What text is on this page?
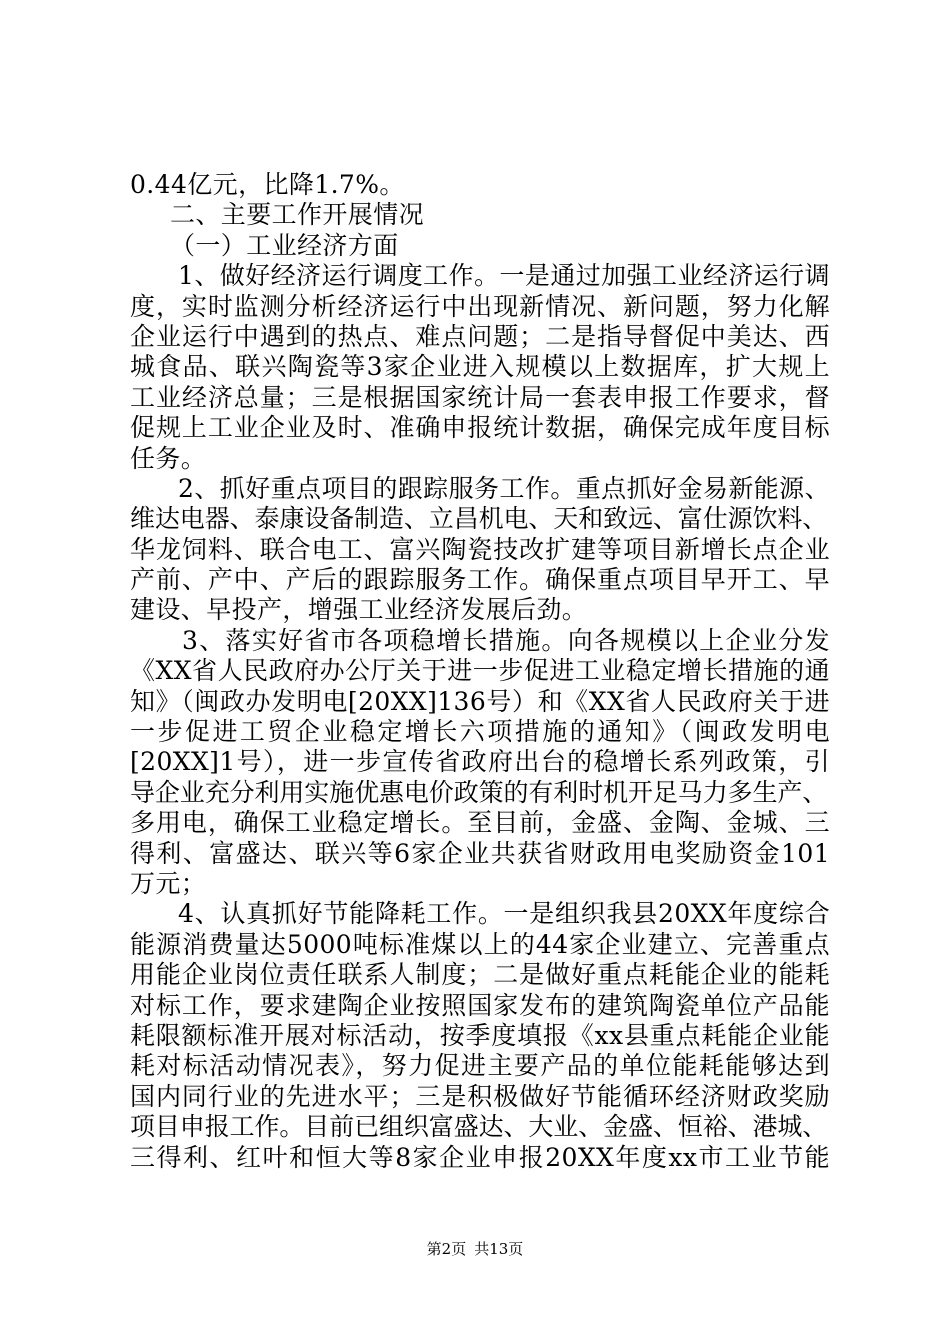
0.44亿元，比降1.7%。
二、主要工作开展情况
（一）工业经济方面
1、做好经济运行调度工作。一是通过加强工业经济运行调
度，实时监测分析经济运行中出现新情况、新问题，努力化解
企业运行中遇到的热点、难点问题；二是指导督促中美达、西
城食品、联兴陶瓷等3家企业进入规模以上数据库，扩大规上
工业经济总量；三是根据国家统计局一套表申报工作要求，督
促规上工业企业及时、准确申报统计数据，确保完成年度目标
任务。
2、抓好重点项目的跟踪服务工作。重点抓好金易新能源、
维达电器、泰康设备制造、立昌机电、天和致远、富仕源饮料、
华龙饲料、联合电工、富兴陶瓷技改扩建等项目新增长点企业
产前、产中、产后的跟踪服务工作。确保重点项目早开工、早
建设、早投产，增强工业经济发展后劲。
3、落实好省市各项稳增长措施。向各规模以上企业分发
《XX省人民政府办公厅关于进一步促进工业稳定增长措施的通
知》（闽政办发明电[20XX]136号）和《XX省人民政府关于进
一步促进工贸企业稳定增长六项措施的通知》（闽政发明电
[20XX]1号），进一步宣传省政府出台的稳增长系列政策，引
导企业充分利用实施优惠电价政策的有利时机开足马力多生产、
多用电，确保工业稳定增长。至目前，金盛、金陶、金城、三
得利、富盛达、联兴等6家企业共获省财政用电奖励资金101
万元；
4、认真抓好节能降耗工作。一是组织我县20XX年度综合
能源消费量达5000吨标准煤以上的44家企业建立、完善重点
用能企业岗位责任联系人制度；二是做好重点耗能企业的能耗
对标工作，要求建陶企业按照国家发布的建筑陶瓷单位产品能
耗限额标准开展对标活动，按季度填报《xx县重点耗能企业能
耗对标活动情况表》，努力促进主要产品的单位能耗能够达到
国内同行业的先进水平；三是积极做好节能循环经济财政奖励
项目申报工作。目前已组织富盛达、大业、金盛、恒裕、港城、
三得利、红叶和恒大等8家企业申报20XX年度xx市工业节能
第2页 共13页
